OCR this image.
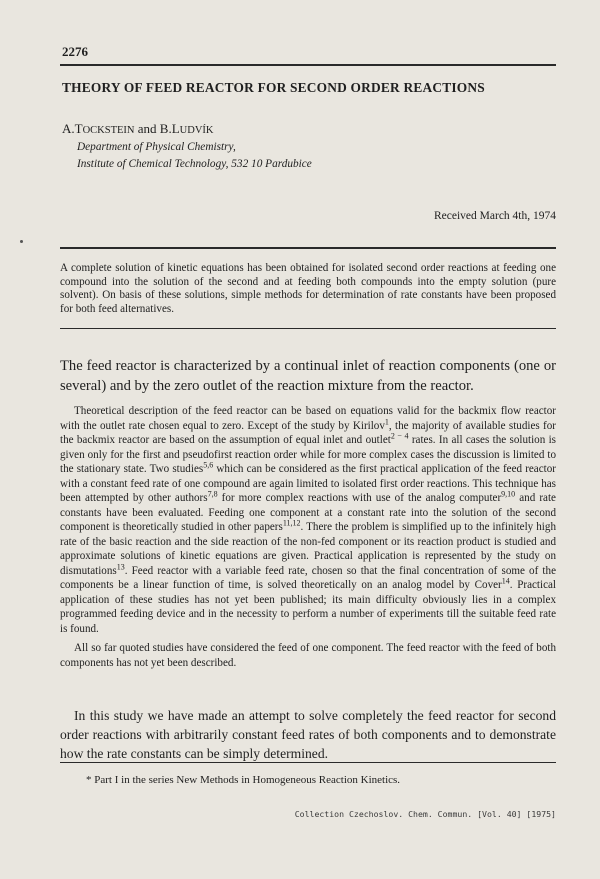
2276
THEORY OF FEED REACTOR FOR SECOND ORDER REACTIONS
A.TOCKSTEIN and B.LUDVÍK
Department of Physical Chemistry,
Institute of Chemical Technology, 532 10 Pardubice
Received March 4th, 1974
A complete solution of kinetic equations has been obtained for isolated second order reactions at feeding one compound into the solution of the second and at feeding both compounds into the empty solution (pure solvent). On basis of these solutions, simple methods for determination of rate constants have been proposed for both feed alternatives.
The feed reactor is characterized by a continual inlet of reaction components (one or several) and by the zero outlet of the reaction mixture from the reactor.

Theoretical description of the feed reactor can be based on equations valid for the backmix flow reactor with the outlet rate chosen equal to zero. Except of the study by Kirilov$^1$, the majority of available studies for the backmix reactor are based on the assumption of equal inlet and outlet$^{2 - 4}$ rates. In all cases the solution is given only for the first and pseudofirst reaction order while for more complex cases the discussion is limited to the stationary state. Two studies$^{5,6}$ which can be considered as the first practical application of the feed reactor with a constant feed rate of one compound are again limited to isolated first order reactions. This technique has been attempted by other authors$^{7,8}$ for more complex reactions with use of the analog computer$^{9,10}$ and rate constants have been evaluated. Feeding one component at a constant rate into the solution of the second component is theoretically studied in other papers$^{11,12}$. There the problem is simplified up to the infinitely high rate of the basic reaction and the side reaction of the non-fed component or its reaction product is studied and approximate solutions of kinetic equations are given. Practical application is represented by the study on dismutations$^{13}$. Feed reactor with a variable feed rate, chosen so that the final concentration of some of the components be a linear function of time, is solved theoretically on an analog model by Cover$^{14}$. Practical application of these studies has not yet been published; its main difficulty obviously lies in a complex programmed feeding device and in the necessity to perform a number of experiments till the suitable feed rate is found.

All so far quoted studies have considered the feed of one component. The feed reactor with the feed of both components has not yet been described.

In this study we have made an attempt to solve completely the feed reactor for second order reactions with arbitrarily constant feed rates of both components and to demonstrate how the rate constants can be simply determined.
* Part I in the series New Methods in Homogeneous Reaction Kinetics.
Collection Czechoslov. Chem. Commun. [Vol. 40] [1975]
